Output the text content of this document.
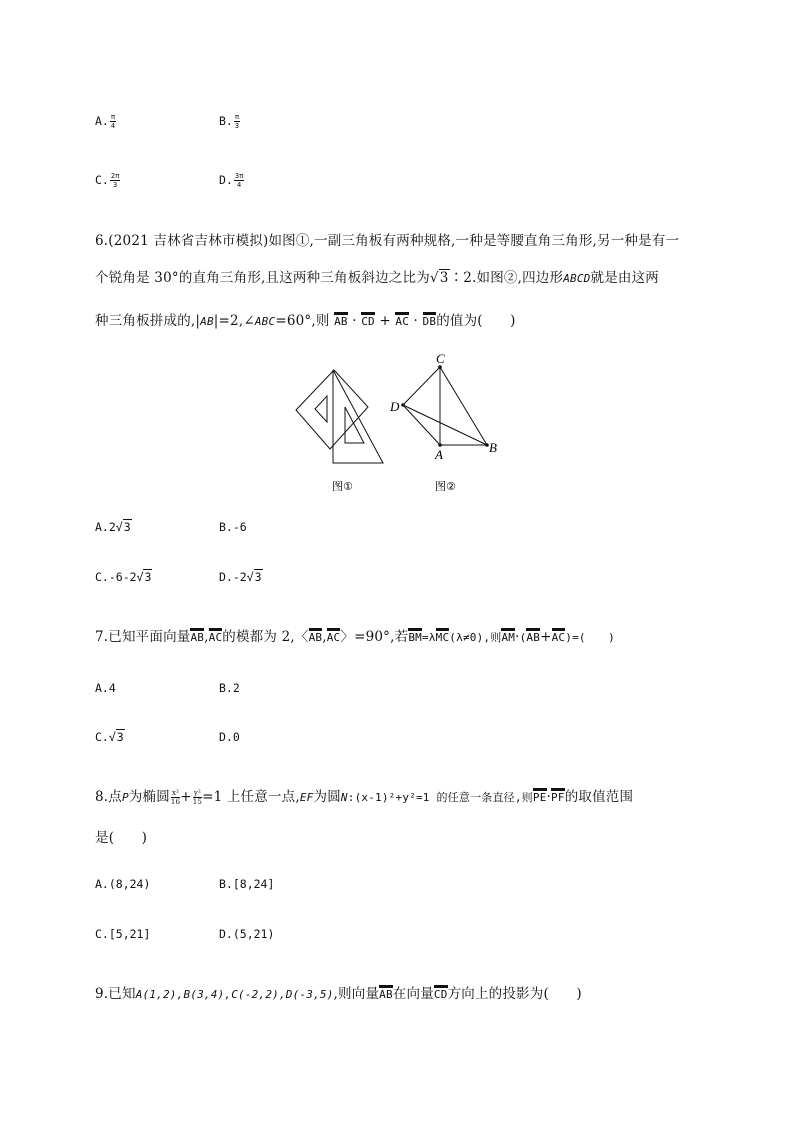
A. $\frac{\pi}{4}$	B. $\frac{\pi}{3}$
C. $\frac{2\pi}{3}$	D. $\frac{3\pi}{4}$
6.(2021 吉林省吉林市模拟)如图①,一副三角板有两种规格,一种是等腰直角三角形,另一种是有一
个锐角是 30°的直角三角形,且这两种三角板斜边之比为√3∶2.如图②,四边形ABCD就是由这两
种三角板拼成的,|AB|=2,∠ABC=60°,则 AB · CD + AC · DB的值为(　　)
C
D
A	B
图①	图②
A.2√3	B.-6
C.-6-2√3	D.-2√3
7.已知平面向量AB,AC的模都为 2,〈AB,AC〉=90°,若BM=λMC(λ≠0),则AM·(AB+AC)=(　　)
A.4	B.2
C.√3	D.0
8.点P为椭圆 $\frac{\text{x²}}{16} + \frac{\text{y²}}{15} =1$ 上任意一点,EF为圆N:(x-1)²+y²=1 的任意一条直径,则PE·PF的取值范围
是(　　)
A.(8,24)	B.[8,24]
C.[5,21]	D.(5,21)
9.已知A(1,2),B(3,4),C(-2,2),D(-3,5),则向量AB在向量CD方向上的投影为(　　)
